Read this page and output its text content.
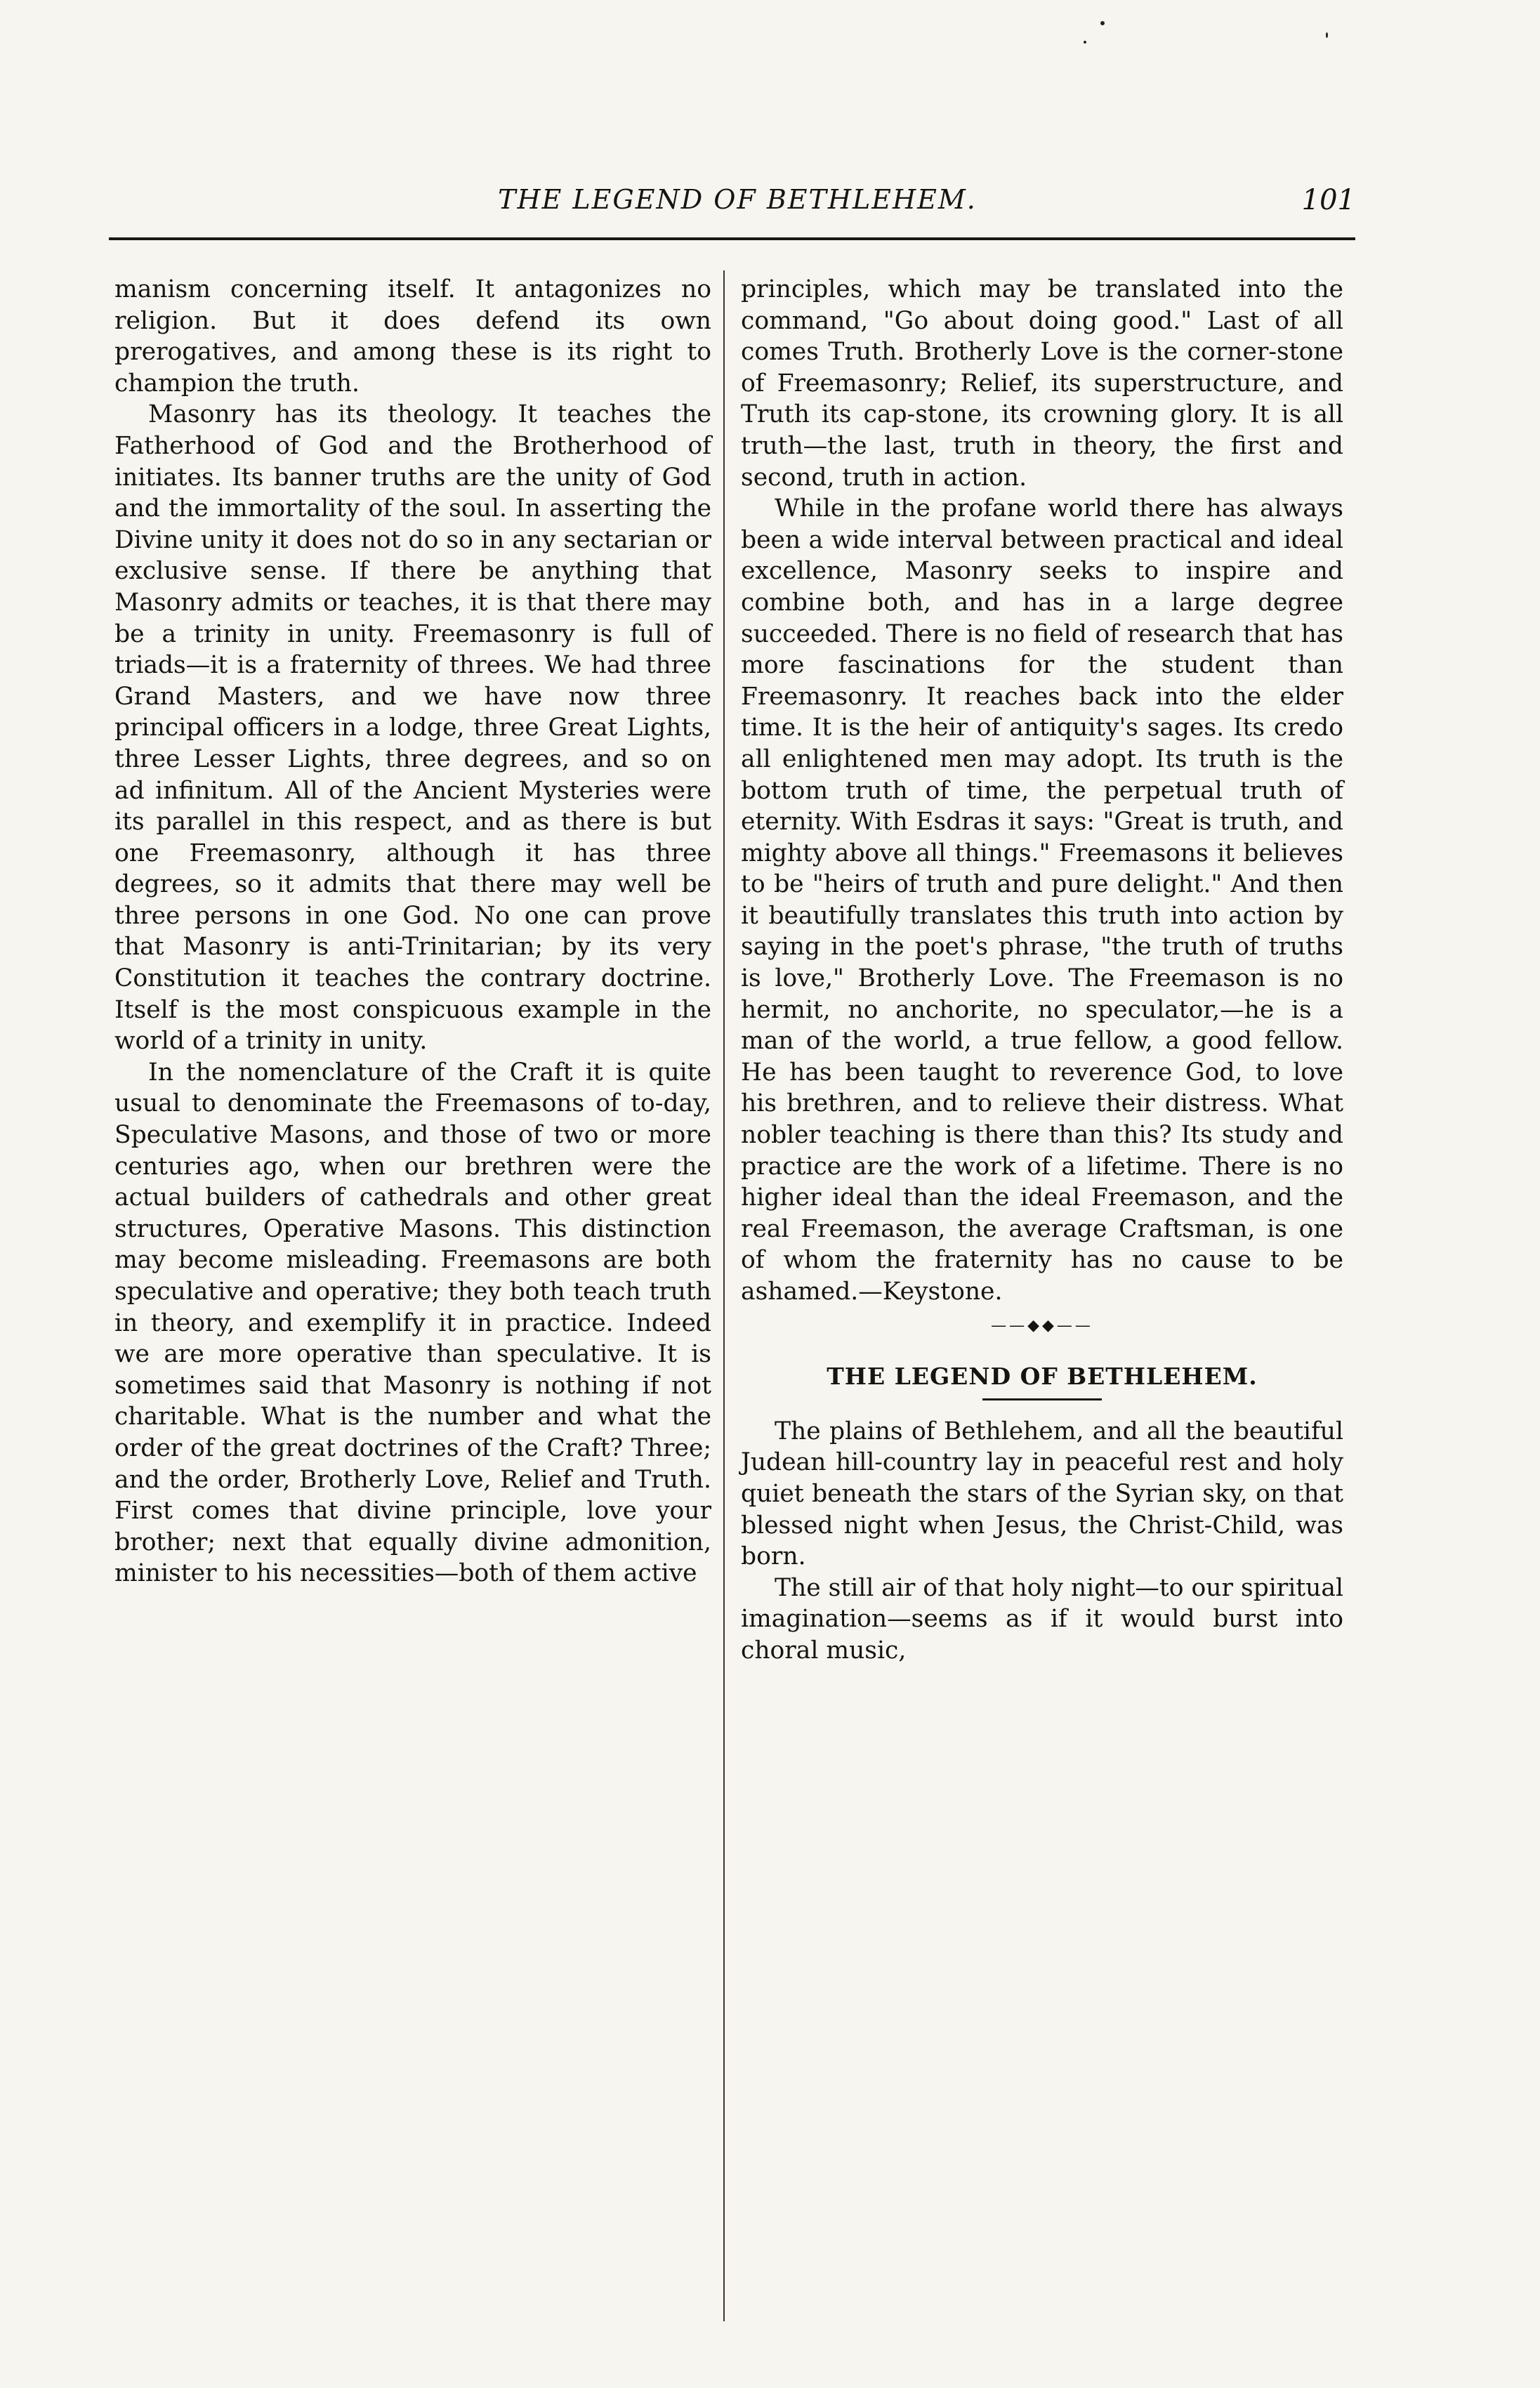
THE LEGEND OF BETHLEHEM.	101

manism concerning itself. It antagonizes no religion. But it does defend its own prerogatives, and among these is its right to champion the truth.

Masonry has its theology. It teaches the Fatherhood of God and the Brotherhood of initiates. Its banner truths are the unity of God and the immortality of the soul. In asserting the Divine unity it does not do so in any sectarian or exclusive sense. If there be anything that Masonry admits or teaches, it is that there may be a trinity in unity. Freemasonry is full of triads—it is a fraternity of threes. We had three Grand Masters, and we have now three principal officers in a lodge, three Great Lights, three Lesser Lights, three degrees, and so on ad infinitum. All of the Ancient Mysteries were its parallel in this respect, and as there is but one Freemasonry, although it has three degrees, so it admits that there may well be three persons in one God. No one can prove that Masonry is anti-Trinitarian; by its very Constitution it teaches the contrary doctrine. Itself is the most conspicuous example in the world of a trinity in unity.

In the nomenclature of the Craft it is quite usual to denominate the Freemasons of to-day, Speculative Masons, and those of two or more centuries ago, when our brethren were the actual builders of cathedrals and other great structures, Operative Masons. This distinction may become misleading. Freemasons are both speculative and operative; they both teach truth in theory, and exemplify it in practice. Indeed we are more operative than speculative. It is sometimes said that Masonry is nothing if not charitable. What is the number and what the order of the great doctrines of the Craft? Three; and the order, Brotherly Love, Relief and Truth. First comes that divine principle, love your brother; next that equally divine admonition, minister to his necessities—both of them active

principles, which may be translated into the command, "Go about doing good." Last of all comes Truth. Brotherly Love is the corner-stone of Freemasonry; Relief, its superstructure, and Truth its cap-stone, its crowning glory. It is all truth—the last, truth in theory, the first and second, truth in action.

While in the profane world there has always been a wide interval between practical and ideal excellence, Masonry seeks to inspire and combine both, and has in a large degree succeeded. There is no field of research that has more fascinations for the student than Freemasonry. It reaches back into the elder time. It is the heir of antiquity's sages. Its credo all enlightened men may adopt. Its truth is the bottom truth of time, the perpetual truth of eternity. With Esdras it says: "Great is truth, and mighty above all things." Freemasons it believes to be "heirs of truth and pure delight." And then it beautifully translates this truth into action by saying in the poet's phrase, "the truth of truths is love," Brotherly Love. The Freemason is no hermit, no anchorite, no speculator,—he is a man of the world, a true fellow, a good fellow. He has been taught to reverence God, to love his brethren, and to relieve their distress. What nobler teaching is there than this? Its study and practice are the work of a lifetime. There is no higher ideal than the ideal Freemason, and the real Freemason, the average Craftsman, is one of whom the fraternity has no cause to be ashamed.—Keystone.

——◆◆——
THE LEGEND OF BETHLEHEM.

The plains of Bethlehem, and all the beautiful Judean hill-country lay in peaceful rest and holy quiet beneath the stars of the Syrian sky, on that blessed night when Jesus, the Christ-Child, was born.

The still air of that holy night—to our spiritual imagination—seems as if it would burst into choral music,
